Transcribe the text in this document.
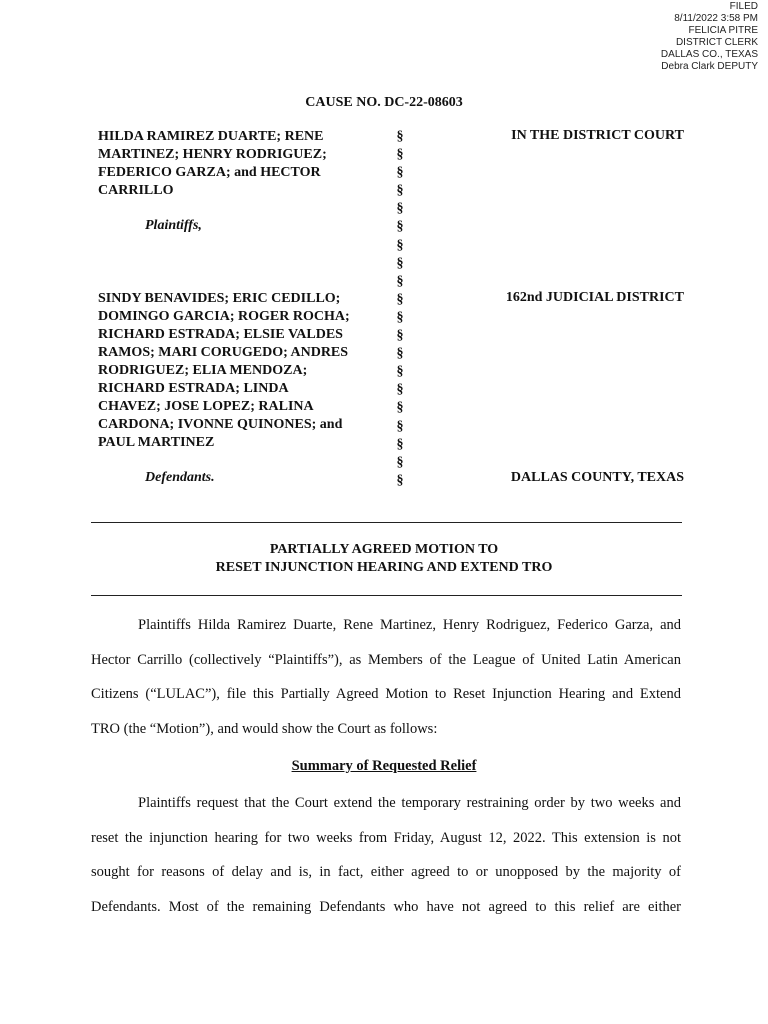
FILED
8/11/2022 3:58 PM
FELICIA PITRE
DISTRICT CLERK
DALLAS CO., TEXAS
Debra Clark DEPUTY
CAUSE NO. DC-22-08603
HILDA RAMIREZ DUARTE; RENE
MARTINEZ; HENRY RODRIGUEZ;
FEDERICO GARZA; and HECTOR
CARRILLO
Plaintiffs,
SINDY BENAVIDES; ERIC CEDILLO;
DOMINGO GARCIA; ROGER ROCHA;
RICHARD ESTRADA; ELSIE VALDES
RAMOS; MARI CORUGEDO; ANDRES
RODRIGUEZ; ELIA MENDOZA;
RICHARD ESTRADA; LINDA
CHAVEZ; JOSE LOPEZ; RALINA
CARDONA; IVONNE QUINONES; and
PAUL MARTINEZ
Defendants.
§
§
§
§
§
§
§
§
§
§
§
§
§
§
§
§
§
§
§
§
IN THE DISTRICT COURT
162nd JUDICIAL DISTRICT
DALLAS COUNTY, TEXAS
PARTIALLY AGREED MOTION TO
RESET INJUNCTION HEARING AND EXTEND TRO
Plaintiffs Hilda Ramirez Duarte, Rene Martinez, Henry Rodriguez, Federico Garza, and
Hector Carrillo (collectively “Plaintiffs”), as Members of the League of United Latin American
Citizens (“LULAC”), file this Partially Agreed Motion to Reset Injunction Hearing and Extend
TRO (the “Motion”), and would show the Court as follows:
Summary of Requested Relief
Plaintiffs request that the Court extend the temporary restraining order by two weeks and
reset the injunction hearing for two weeks from Friday, August 12, 2022. This extension is not
sought for reasons of delay and is, in fact, either agreed to or unopposed by the majority of
Defendants. Most of the remaining Defendants who have not agreed to this relief are either
